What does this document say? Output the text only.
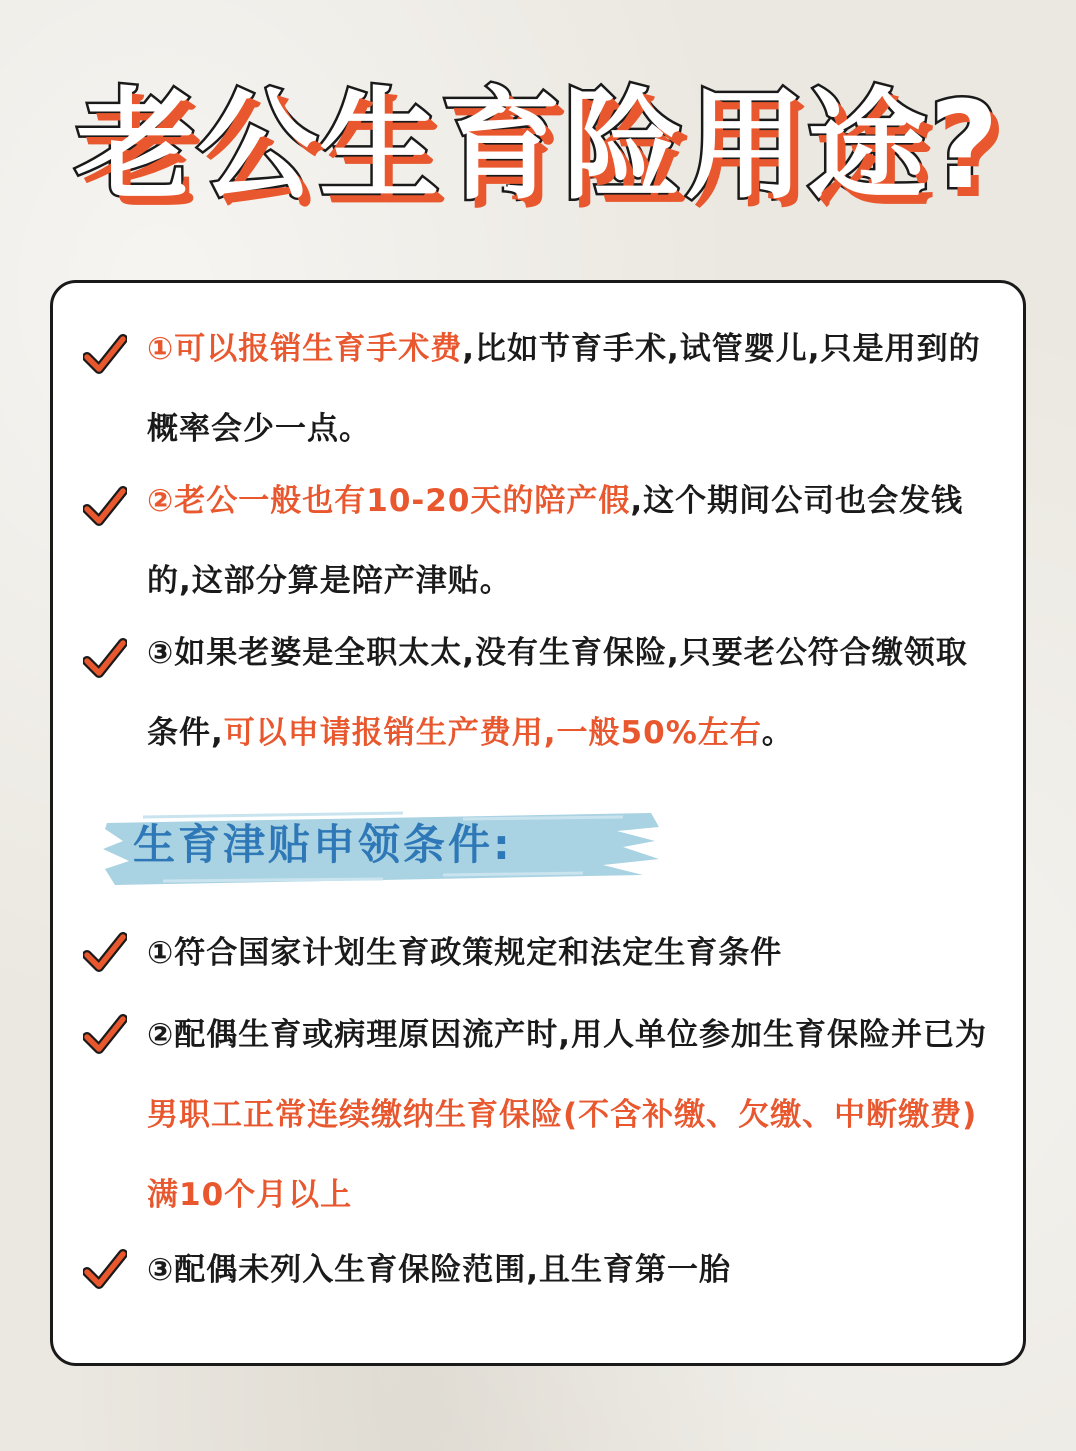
老公生育险用途?

①可以报销生育手术费,比如节育手术,试管婴儿,只是用到的概率会少一点。

②老公一般也有10-20天的陪产假,这个期间公司也会发钱的,这部分算是陪产津贴。

③如果老婆是全职太太,没有生育保险,只要老公符合缴领取条件,可以申请报销生产费用,一般50%左右。

生育津贴申领条件:

①符合国家计划生育政策规定和法定生育条件

②配偶生育或病理原因流产时,用人单位参加生育保险并已为男职工正常连续缴纳生育保险(不含补缴、欠缴、中断缴费)满10个月以上

③配偶未列入生育保险范围,且生育第一胎
